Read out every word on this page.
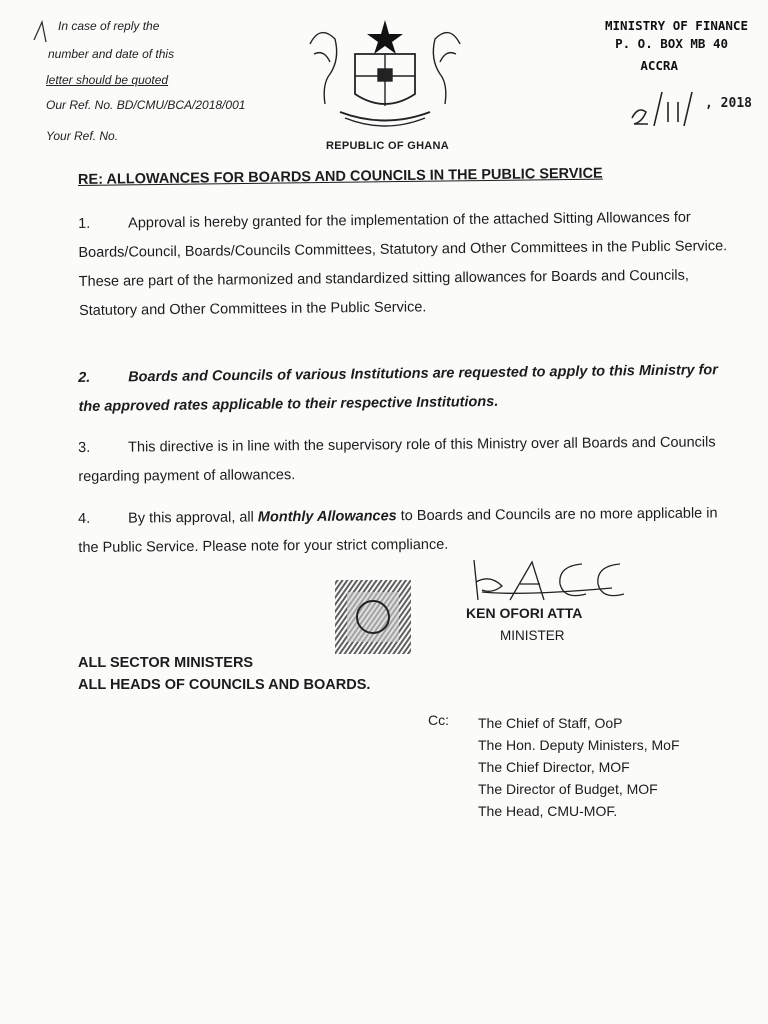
In case of reply the
number and date of this
letter should be quoted
Our Ref. No. BD/CMU/BCA/2018/001
Your Ref. No.
REPUBLIC OF GHANA
MINISTRY OF FINANCE
P. O. BOX MB 40
ACCRA
, 2018
RE: ALLOWANCES FOR BOARDS AND COUNCILS IN THE PUBLIC SERVICE
1.	Approval is hereby granted for the implementation of the attached Sitting Allowances for Boards/Council, Boards/Councils Committees, Statutory and Other Committees in the Public Service. These are part of the harmonized and standardized sitting allowances for Boards and Councils, Statutory and Other Committees in the Public Service.
2.	Boards and Councils of various Institutions are requested to apply to this Ministry for the approved rates applicable to their respective Institutions.
3.	This directive is in line with the supervisory role of this Ministry over all Boards and Councils regarding payment of allowances.
4.	By this approval, all Monthly Allowances to Boards and Councils are no more applicable in the Public Service. Please note for your strict compliance.
KEN OFORI ATTA
MINISTER
ALL SECTOR MINISTERS
ALL HEADS OF COUNCILS AND BOARDS.
Cc: The Chief of Staff, OoP
The Hon. Deputy Ministers, MoF
The Chief Director, MOF
The Director of Budget, MOF
The Head, CMU-MOF.
